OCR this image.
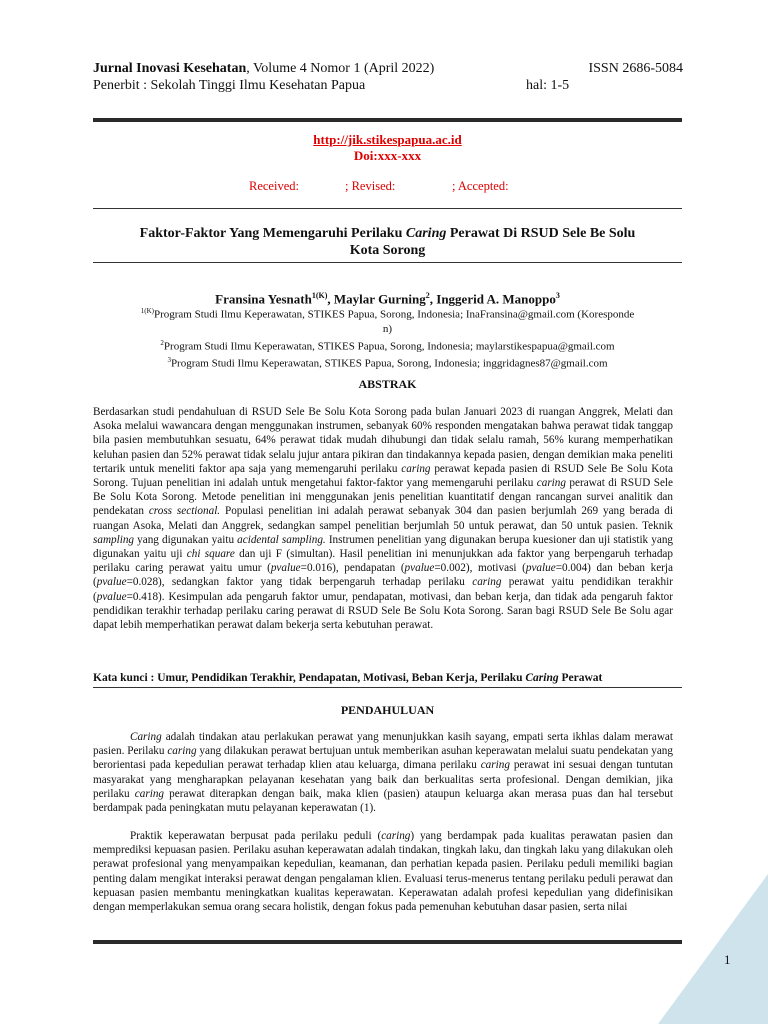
Jurnal Inovasi Kesehatan, Volume 4 Nomor 1 (April 2022)	ISSN 2686-5084
Penerbit : Sekolah Tinggi Ilmu Kesehatan Papua	hal: 1-5
http://jik.stikespapua.ac.id
Doi:xxx-xxx
Received:	; Revised:	; Accepted:
Faktor-Faktor Yang Memengaruhi Perilaku Caring Perawat Di RSUD Sele Be Solu
Kota Sorong
Fransina Yesnath$^{1(K)}$, Maylar Gurning$^2$, Inggerid A. Manoppo$^3$
$^{1(K)}$Program Studi Ilmu Keperawatan, STIKES Papua, Sorong, Indonesia; InaFransina@gmail.com (Koresponde
n)
$^2$Program Studi Ilmu Keperawatan, STIKES Papua, Sorong, Indonesia; maylarstikespapua@gmail.com
$^3$Program Studi Ilmu Keperawatan, STIKES Papua, Sorong, Indonesia; inggridagnes87@gmail.com
ABSTRAK
Berdasarkan studi pendahuluan di RSUD Sele Be Solu Kota Sorong pada bulan Januari 2023 di ruangan Anggrek, Melati dan Asoka melalui wawancara dengan menggunakan instrumen, sebanyak 60% responden mengatakan bahwa perawat tidak tanggap bila pasien membutuhkan sesuatu, 64% perawat tidak mudah dihubungi dan tidak selalu ramah, 56% kurang memperhatikan keluhan pasien dan 52% perawat tidak selalu jujur antara pikiran dan tindakannya kepada pasien, dengan demikian maka peneliti tertarik untuk meneliti faktor apa saja yang memengaruhi perilaku caring perawat kepada pasien di RSUD Sele Be Solu Kota Sorong. Tujuan penelitian ini adalah untuk mengetahui faktor-faktor yang memengaruhi perilaku caring perawat di RSUD Sele Be Solu Kota Sorong. Metode penelitian ini menggunakan jenis penelitian kuantitatif dengan rancangan survei analitik dan pendekatan cross sectional. Populasi penelitian ini adalah perawat sebanyak 304 dan pasien berjumlah 269 yang berada di ruangan Asoka, Melati dan Anggrek, sedangkan sampel penelitian berjumlah 50 untuk perawat, dan 50 untuk pasien. Teknik sampling yang digunakan yaitu acidental sampling. Instrumen penelitian yang digunakan berupa kuesioner dan uji statistik yang digunakan yaitu uji chi square dan uji F (simultan). Hasil penelitian ini menunjukkan ada faktor yang berpengaruh terhadap perilaku caring perawat yaitu umur (pvalue=0.016), pendapatan (pvalue=0.002), motivasi (pvalue=0.004) dan beban kerja (pvalue=0.028), sedangkan faktor yang tidak berpengaruh terhadap perilaku caring perawat yaitu pendidikan terakhir (pvalue=0.418). Kesimpulan ada pengaruh faktor umur, pendapatan, motivasi, dan beban kerja, dan tidak ada pengaruh faktor pendidikan terakhir terhadap perilaku caring perawat di RSUD Sele Be Solu Kota Sorong. Saran bagi RSUD Sele Be Solu agar dapat lebih memperhatikan perawat dalam bekerja serta kebutuhan perawat.
Kata kunci : Umur, Pendidikan Terakhir, Pendapatan, Motivasi, Beban Kerja, Perilaku Caring Perawat
PENDAHULUAN
Caring adalah tindakan atau perlakukan perawat yang menunjukkan kasih sayang, empati serta ikhlas dalam merawat pasien. Perilaku caring yang dilakukan perawat bertujuan untuk memberikan asuhan keperawatan melalui suatu pendekatan yang berorientasi pada kepedulian perawat terhadap klien atau keluarga, dimana perilaku caring perawat ini sesuai dengan tuntutan masyarakat yang mengharapkan pelayanan kesehatan yang baik dan berkualitas serta profesional. Dengan demikian, jika perilaku caring perawat diterapkan dengan baik, maka klien (pasien) ataupun keluarga akan merasa puas dan hal tersebut berdampak pada peningkatan mutu pelayanan keperawatan (1).
Praktik keperawatan berpusat pada perilaku peduli (caring) yang berdampak pada kualitas perawatan pasien dan memprediksi kepuasan pasien. Perilaku asuhan keperawatan adalah tindakan, tingkah laku, dan tingkah laku yang dilakukan oleh perawat profesional yang menyampaikan kepedulian, keamanan, dan perhatian kepada pasien. Perilaku peduli memiliki bagian penting dalam mengikat interaksi perawat dengan pengalaman klien. Evaluasi terus-menerus tentang perilaku peduli perawat dan kepuasan pasien membantu meningkatkan kualitas keperawatan. Keperawatan adalah profesi kepedulian yang didefinisikan dengan memperlakukan semua orang secara holistik, dengan fokus pada pemenuhan kebutuhan dasar pasien, serta nilai
1
